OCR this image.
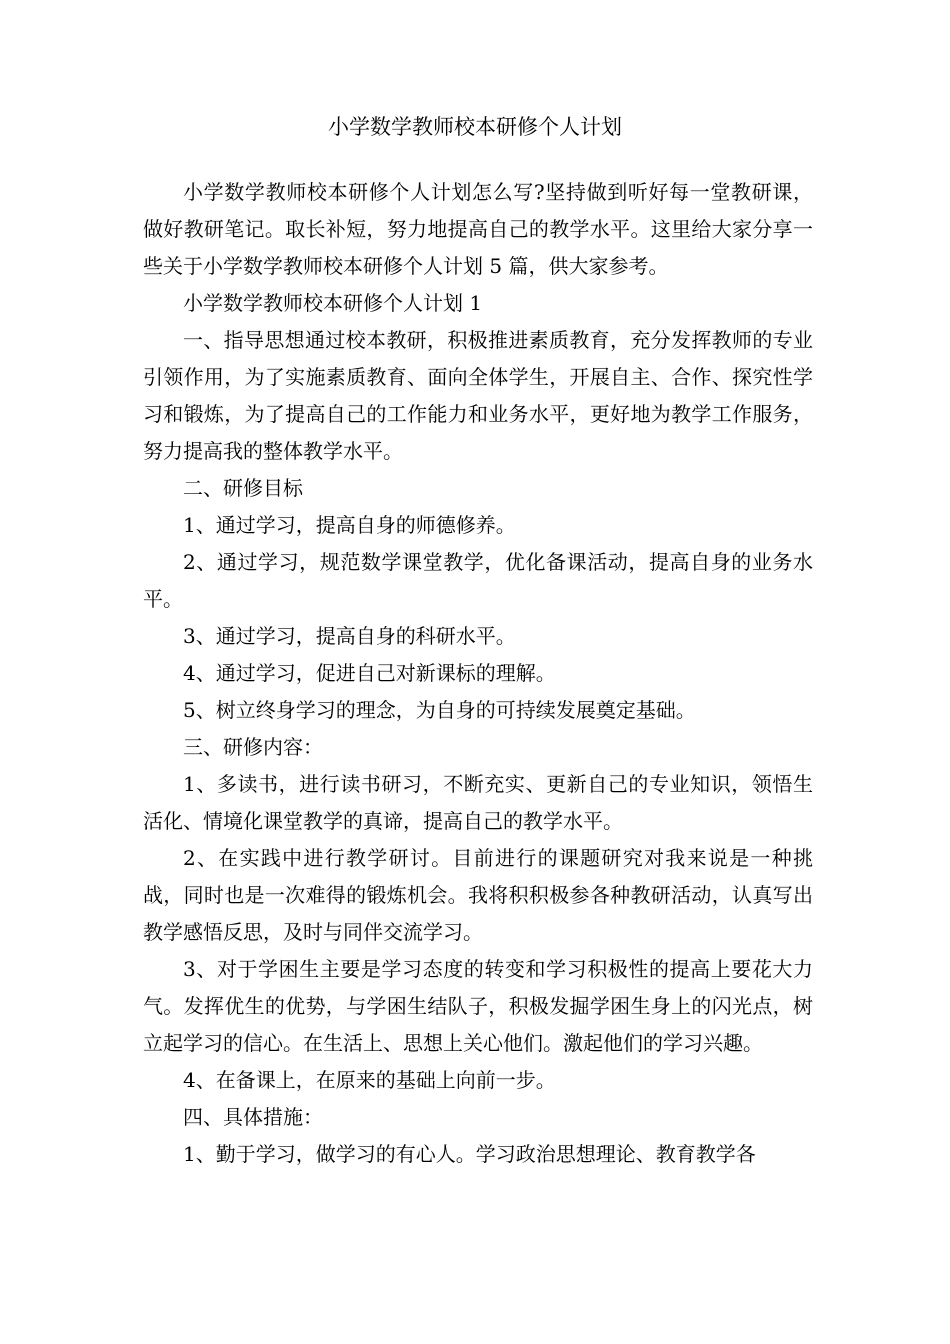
小学数学教师校本研修个人计划

小学数学教师校本研修个人计划怎么写?坚持做到听好每一堂教研课，做好教研笔记。取长补短，努力地提高自己的教学水平。这里给大家分享一些关于小学数学教师校本研修个人计划 5 篇，供大家参考。

小学数学教师校本研修个人计划 1

一、指导思想通过校本教研，积极推进素质教育，充分发挥教师的专业引领作用，为了实施素质教育、面向全体学生，开展自主、合作、探究性学习和锻炼，为了提高自己的工作能力和业务水平，更好地为教学工作服务，努力提高我的整体教学水平。

二、研修目标

1、通过学习，提高自身的师德修养。

2、通过学习，规范数学课堂教学，优化备课活动，提高自身的业务水平。

3、通过学习，提高自身的科研水平。

4、通过学习，促进自己对新课标的理解。

5、树立终身学习的理念，为自身的可持续发展奠定基础。

三、研修内容：

1、多读书，进行读书研习，不断充实、更新自己的专业知识，领悟生活化、情境化课堂教学的真谛，提高自己的教学水平。

2、在实践中进行教学研讨。目前进行的课题研究对我来说是一种挑战，同时也是一次难得的锻炼机会。我将积积极参各种教研活动，认真写出教学感悟反思，及时与同伴交流学习。

3、对于学困生主要是学习态度的转变和学习积极性的提高上要花大力气。发挥优生的优势，与学困生结队子，积极发掘学困生身上的闪光点，树立起学习的信心。在生活上、思想上关心他们。激起他们的学习兴趣。

4、在备课上，在原来的基础上向前一步。

四、具体措施：

1、勤于学习，做学习的有心人。学习政治思想理论、教育教学各
